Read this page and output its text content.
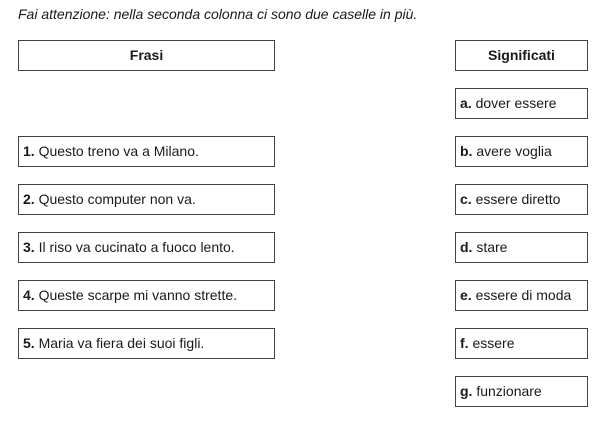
Fai attenzione: nella seconda colonna ci sono due caselle in più.
Frasi	Significati
1. Questo treno va a Milano.
2. Questo computer non va.
3. Il riso va cucinato a fuoco lento.
4. Queste scarpe mi vanno strette.
5. Maria va fiera dei suoi figli.
a. dover essere
b. avere voglia
c. essere diretto
d. stare
e. essere di moda
f. essere
g. funzionare
